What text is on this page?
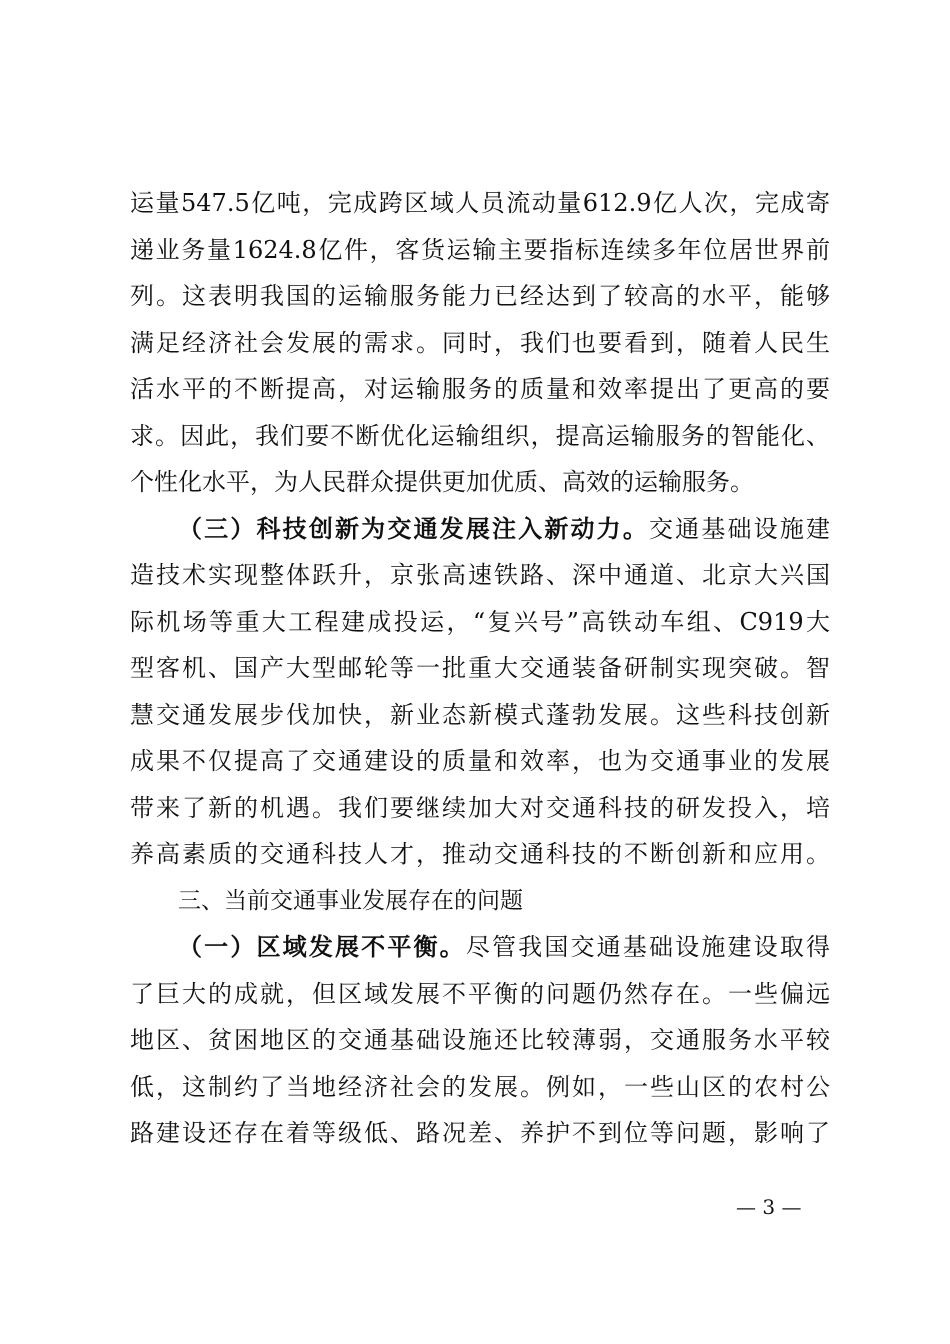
运量547.5亿吨，完成跨区域人员流动量612.9亿人次，完成寄
递业务量1624.8亿件，客货运输主要指标连续多年位居世界前
列。这表明我国的运输服务能力已经达到了较高的水平，能够
满足经济社会发展的需求。同时，我们也要看到，随着人民生
活水平的不断提高，对运输服务的质量和效率提出了更高的要
求。因此，我们要不断优化运输组织，提高运输服务的智能化、
个性化水平，为人民群众提供更加优质、高效的运输服务。
（三）科技创新为交通发展注入新动力。交通基础设施建
造技术实现整体跃升，京张高速铁路、深中通道、北京大兴国
际机场等重大工程建成投运，“复兴号”高铁动车组、C919大
型客机、国产大型邮轮等一批重大交通装备研制实现突破。智
慧交通发展步伐加快，新业态新模式蓬勃发展。这些科技创新
成果不仅提高了交通建设的质量和效率，也为交通事业的发展
带来了新的机遇。我们要继续加大对交通科技的研发投入，培
养高素质的交通科技人才，推动交通科技的不断创新和应用。
三、当前交通事业发展存在的问题
（一）区域发展不平衡。尽管我国交通基础设施建设取得
了巨大的成就，但区域发展不平衡的问题仍然存在。一些偏远
地区、贫困地区的交通基础设施还比较薄弱，交通服务水平较
低，这制约了当地经济社会的发展。例如，一些山区的农村公
路建设还存在着等级低、路况差、养护不到位等问题，影响了
— 3 —
